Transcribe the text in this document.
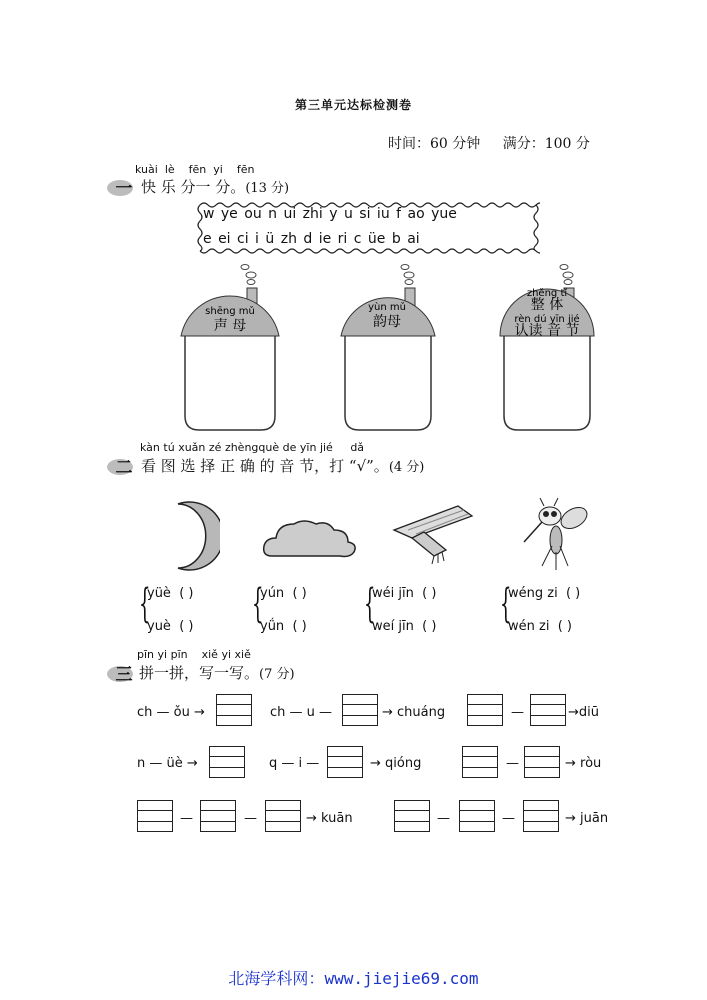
第三单元达标检测卷
时间：60 分钟 满分：100 分
kuài lè fēn yi fēn
一 快 乐 分一 分。(13 分)
w ye ou n ui zhi y u si iu f ao yue
e ei ci i ü zh d ie ri c üe b ai
shēng mǔ
声 母
yùn mǔ
韵母
zhěng tǐ
整 体
rèn dú yīn jié
认读 音 节
kàn tú xuǎn zé zhèngquè de yīn jié dǎ
二 看 图 选 择 正 确 的 音 节，打 “√”。(4 分)
{
yüè ( )
yuè ( ) {
yún ( )
yǘn ( ) {
wéi jīn ( )
weí jīn ( ) {
wéng zi ( )
wén zi ( )
pīn yi pīn xiě yi xiě
三 拼一拼，写一写。(7 分)
ch — ǒu →	ch — u —	→ chuáng	—	→diū
n — üè →	q — i —	→ qióng	—	→ ròu
—	—	→ kuān	—	—	→ juān
北海学科网：www.jiejie69.com
